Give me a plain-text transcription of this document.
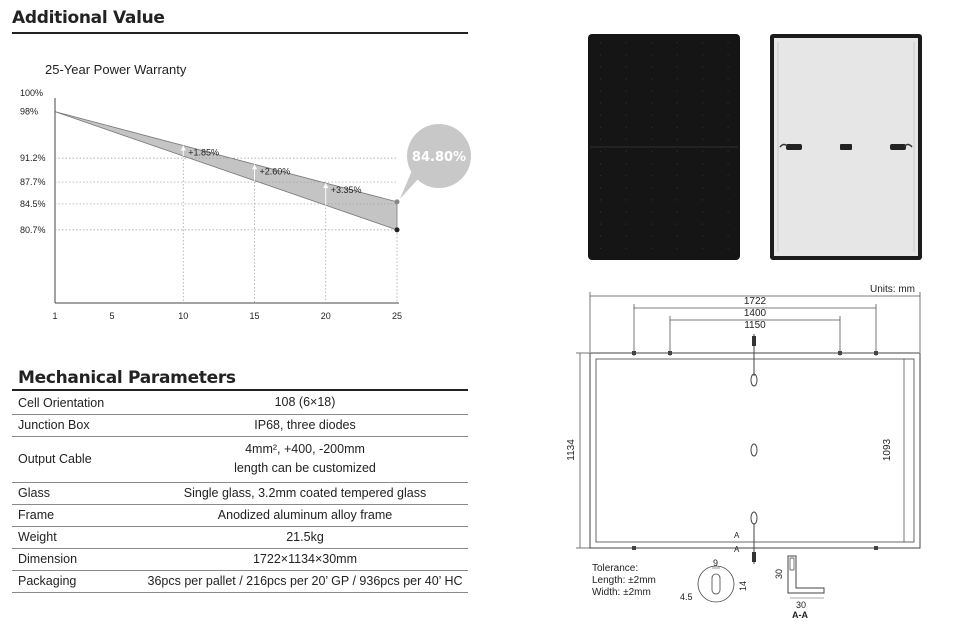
Additional Value
25-Year Power Warranty
100%
98%
91.2%
87.7%
84.5%
80.7%
1	5	10	15	20	25
+1.85%
+2.60%
+3.35%
84.80%
Mechanical Parameters
Cell Orientation	108 (6×18)

Junction Box	IP68, three diodes

Output Cable	4mm², +400, -200mm
length can be customized

Glass	Single glass, 3.2mm coated tempered glass

Frame	Anodized aluminum alloy frame

Weight	21.5kg

Dimension	1722×1134×30mm

Packaging	36pcs per pallet / 216pcs per 20’ GP / 936pcs per 40’ HC
Units: mm
1722
1400
1150
1134	1093
A
A
Tolerance:
Length: ±2mm
Width: ±2mm
9
14
4.5
30
30
A-A
